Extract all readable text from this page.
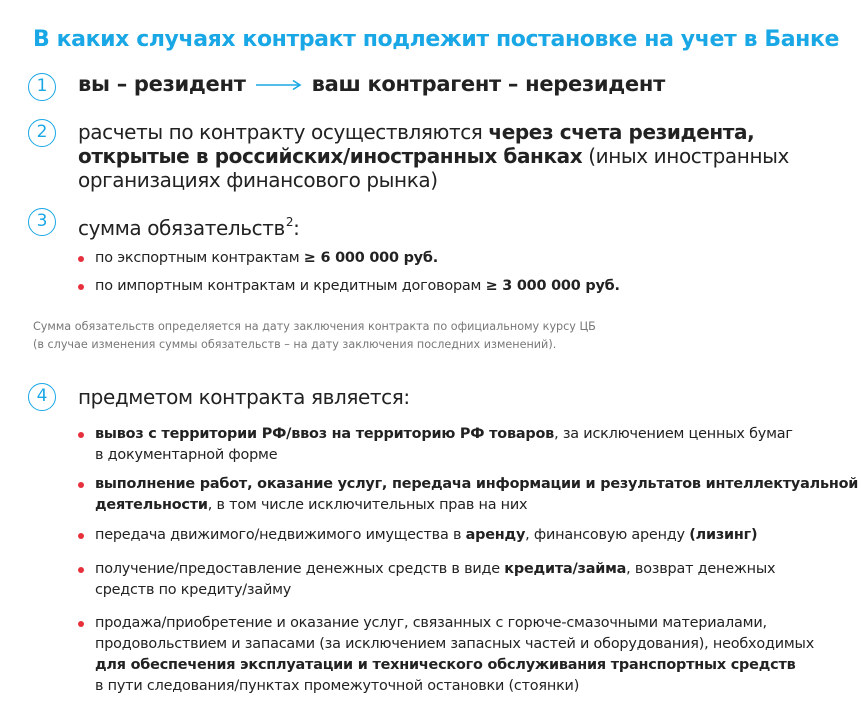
В каких случаях контракт подлежит постановке на учет в Банке
1	вы – резидент	ваш контрагент – нерезидент
2	расчеты по контракту осуществляются через счета резидента,
открытые в российских/иностранных банках (иных иностранных
организациях финансового рынка)
3	сумма обязательств$^2$:
по экспортным контрактам ≥ 6 000 000 руб.
по импортным контрактам и кредитным договорам ≥ 3 000 000 руб.
Сумма обязательств определяется на дату заключения контракта по официальному курсу ЦБ
(в случае изменения суммы обязательств – на дату заключения последних изменений).
4	предметом контракта является:
вывоз с территории РФ/ввоз на территорию РФ товаров, за исключением ценных бумаг
в документарной форме
выполнение работ, оказание услуг, передача информации и результатов интеллектуальной
деятельности, в том числе исключительных прав на них
передача движимого/недвижимого имущества в аренду, финансовую аренду (лизинг)
получение/предоставление денежных средств в виде кредита/займа, возврат денежных
средств по кредиту/займу
продажа/приобретение и оказание услуг, связанных с горюче-смазочными материалами,
продовольствием и запасами (за исключением запасных частей и оборудования), необходимых
для обеспечения эксплуатации и технического обслуживания транспортных средств
в пути следования/пунктах промежуточной остановки (стоянки)
